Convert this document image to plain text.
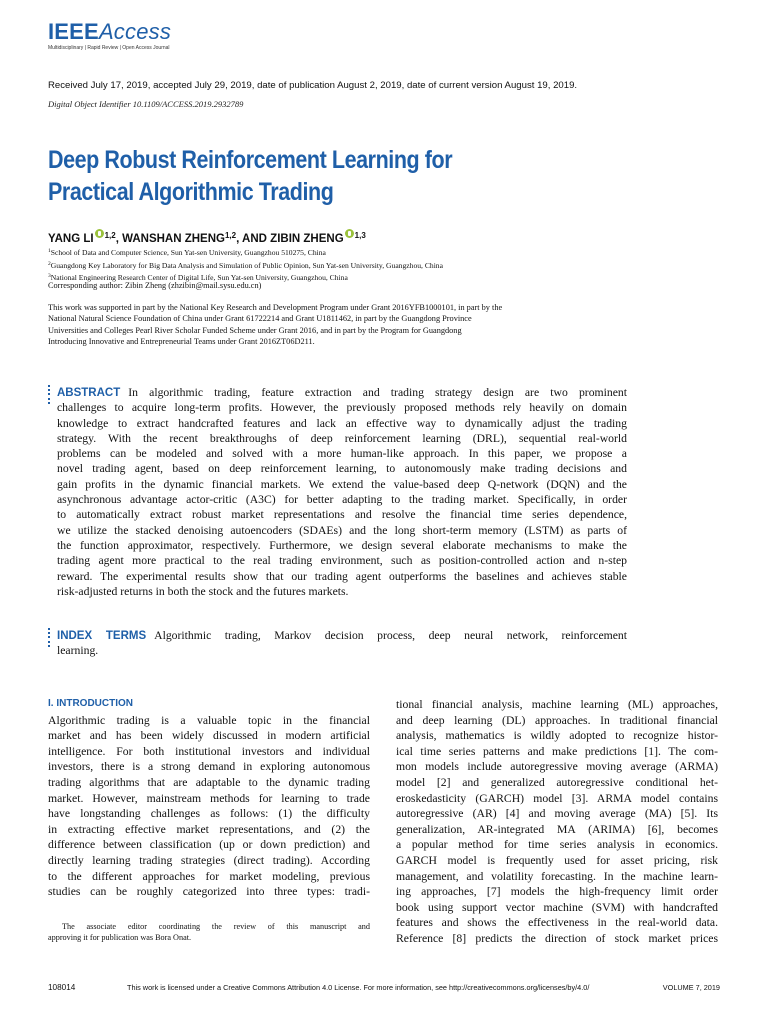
IEEEAccess
Multidisciplinary | Rapid Review | Open Access Journal
Received July 17, 2019, accepted July 29, 2019, date of publication August 2, 2019, date of current version August 19, 2019.
Digital Object Identifier 10.1109/ACCESS.2019.2932789
Deep Robust Reinforcement Learning for
Practical Algorithmic Trading
YANG LI $^{1,2}$, WANSHAN ZHENG$^{1,2}$, AND ZIBIN ZHENG $^{1,3}$
$^1$School of Data and Computer Science, Sun Yat-sen University, Guangzhou 510275, China
$^2$Guangdong Key Laboratory for Big Data Analysis and Simulation of Public Opinion, Sun Yat-sen University, Guangzhou, China
$^3$National Engineering Research Center of Digital Life, Sun Yat-sen University, Guangzhou, China
Corresponding author: Zibin Zheng (zhzibin@mail.sysu.edu.cn)
This work was supported in part by the National Key Research and Development Program under Grant 2016YFB1000101, in part by the
National Natural Science Foundation of China under Grant 61722214 and Grant U1811462, in part by the Guangdong Province
Universities and Colleges Pearl River Scholar Funded Scheme under Grant 2016, and in part by the Program for Guangdong
Introducing Innovative and Entrepreneurial Teams under Grant 2016ZT06D211.
ABSTRACT In algorithmic trading, feature extraction and trading strategy design are two prominent
challenges to acquire long-term profits. However, the previously proposed methods rely heavily on domain
knowledge to extract handcrafted features and lack an effective way to dynamically adjust the trading
strategy. With the recent breakthroughs of deep reinforcement learning (DRL), sequential real-world
problems can be modeled and solved with a more human-like approach. In this paper, we propose a
novel trading agent, based on deep reinforcement learning, to autonomously make trading decisions and
gain profits in the dynamic financial markets. We extend the value-based deep Q-network (DQN) and the
asynchronous advantage actor-critic (A3C) for better adapting to the trading market. Specifically, in order
to automatically extract robust market representations and resolve the financial time series dependence,
we utilize the stacked denoising autoencoders (SDAEs) and the long short-term memory (LSTM) as parts of
the function approximator, respectively. Furthermore, we design several elaborate mechanisms to make the
trading agent more practical to the real trading environment, such as position-controlled action and n-step
reward. The experimental results show that our trading agent outperforms the baselines and achieves stable
risk-adjusted returns in both the stock and the futures markets.
INDEX TERMS Algorithmic trading, Markov decision process, deep neural network, reinforcement
learning.
I. INTRODUCTION
Algorithmic trading is a valuable topic in the financial
market and has been widely discussed in modern artificial
intelligence. For both institutional investors and individual
investors, there is a strong demand in exploring autonomous
trading algorithms that are adaptable to the dynamic trading
market. However, mainstream methods for learning to trade
have longstanding challenges as follows: (1) the difficulty
in extracting effective market representations, and (2) the
difference between classification (up or down prediction) and
directly learning trading strategies (direct trading). According
to the different approaches for market modeling, previous
studies can be roughly categorized into three types: tradi-
tional financial analysis, machine learning (ML) approaches,
and deep learning (DL) approaches. In traditional financial
analysis, mathematics is wildly adopted to recognize histor-
ical time series patterns and make predictions [1]. The com-
mon models include autoregressive moving average (ARMA)
model [2] and generalized autoregressive conditional het-
eroskedasticity (GARCH) model [3]. ARMA model contains
autoregressive (AR) [4] and moving average (MA) [5]. Its
generalization, AR-integrated MA (ARIMA) [6], becomes
a popular method for time series analysis in economics.
GARCH model is frequently used for asset pricing, risk
management, and volatility forecasting. In the machine learn-
ing approaches, [7] models the high-frequency limit order
book using support vector machine (SVM) with handcrafted
features and shows the effectiveness in the real-world data.
Reference [8] predicts the direction of stock market prices
The associate editor coordinating the review of this manuscript and
approving it for publication was Bora Onat.
108014	This work is licensed under a Creative Commons Attribution 4.0 License. For more information, see http://creativecommons.org/licenses/by/4.0/	VOLUME 7, 2019
